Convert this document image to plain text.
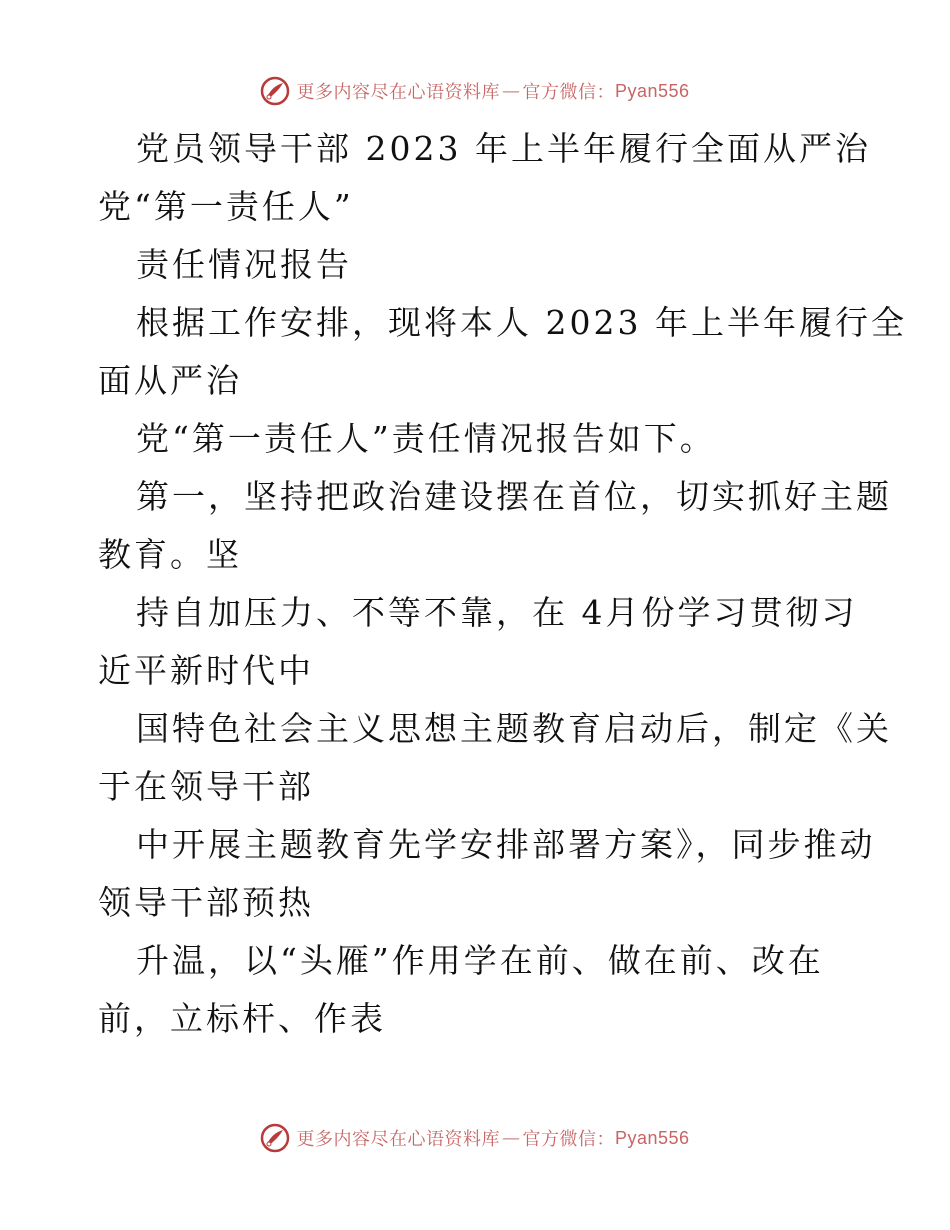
更多内容尽在心语资料库 — 官方微信： Pyan556

党员领导干部 2023 年上半年履行全面从严治

党“第一责任人”

责任情况报告

根据工作安排，现将本人 2023 年上半年履行全

面从严治

党“第一责任人”责任情况报告如下。

第一，坚持把政治建设摆在首位，切实抓好主题

教育。坚

持自加压力、不等不靠，在 4月份学习贯彻习

近平新时代中

国特色社会主义思想主题教育启动后，制定《关

于在领导干部

中开展主题教育先学安排部署方案》，同步推动

领导干部预热

升温，以“头雁”作用学在前、做在前、改在

前，立标杆、作表

更多内容尽在心语资料库 — 官方微信： Pyan556
